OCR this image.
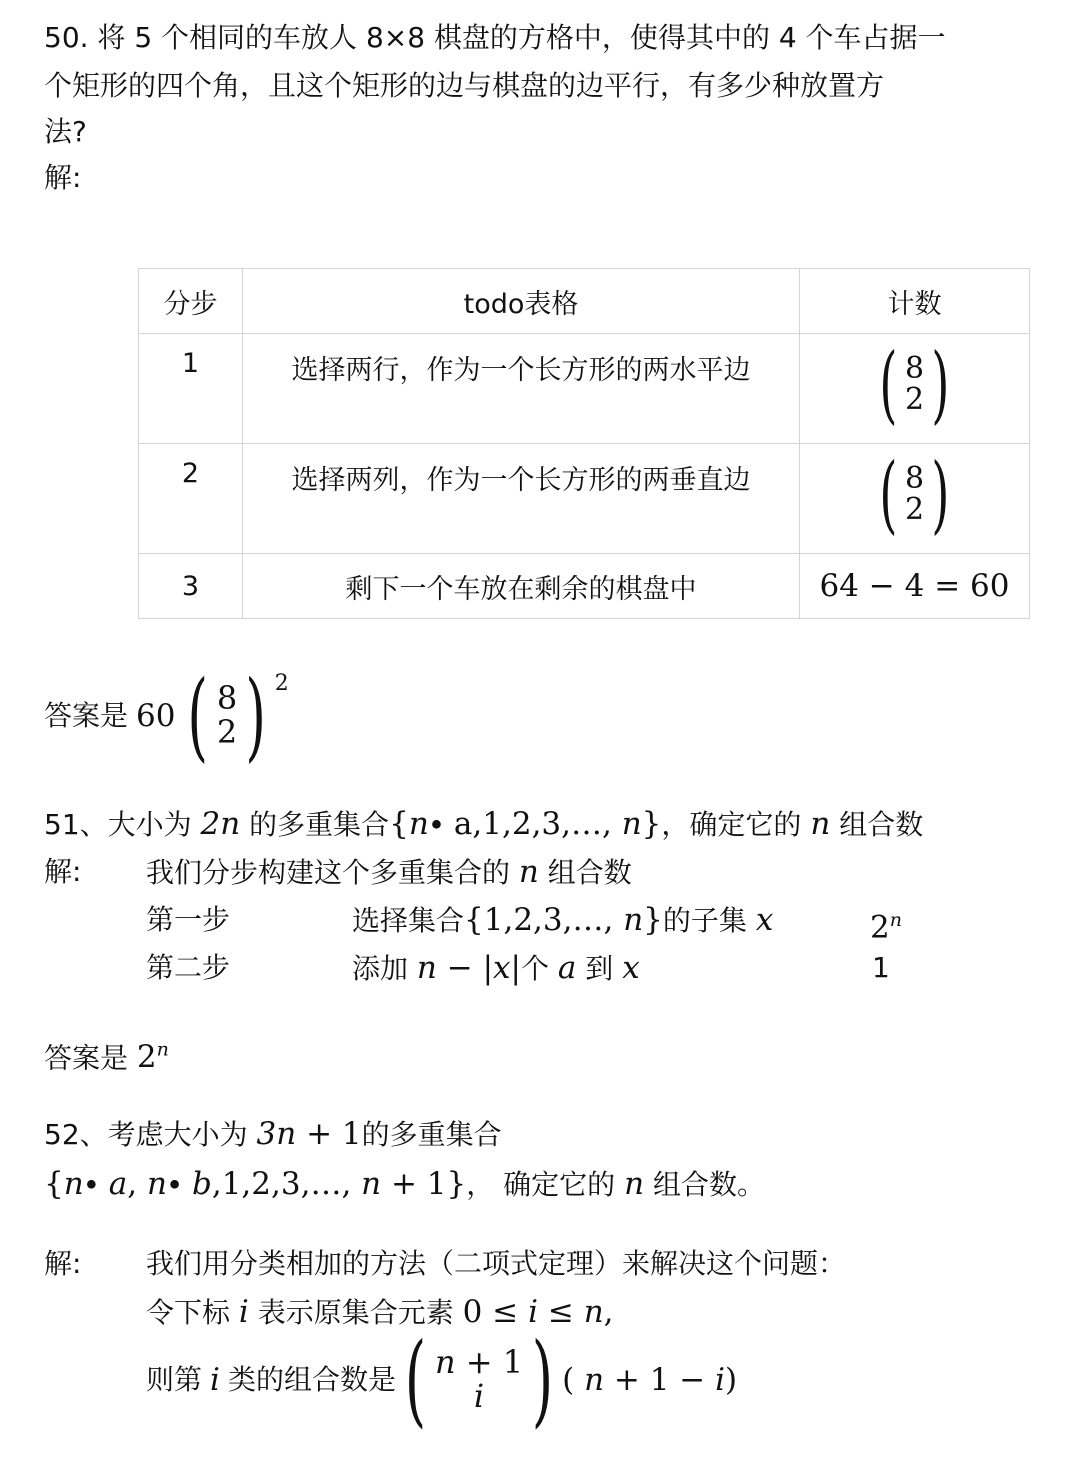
50. 将 5 个相同的车放人 8×8 棋盘的方格中，使得其中的 4 个车占据一
个矩形的四个角，且这个矩形的边与棋盘的边平行，有多少种放置方
法?
解:
分步	todo表格	计数

1	选择两行，作为一个长方形的两水平边	( 8
2 )

2	选择两列，作为一个长方形的两垂直边	( 8
2 )

3	剩下一个车放在剩余的棋盘中	64 − 4 = 60
答案是 60 ( 8
2 ) 2
51、大小为 2n 的多重集合{n∙ a,1,2,3,…, n}，确定它的 n 组合数
解: 我们分步构建这个多重集合的 n 组合数
第一步	选择集合{1,2,3,…, n}的子集 x	2$^n$
第二步	添加 n − |x|个 a 到 x	1
答案是 2$^n$
52、考虑大小为 3n + 1的多重集合
{n∙ a, n∙ b,1,2,3,…, n + 1}， 确定它的 n 组合数。
解: 我们用分类相加的方法（二项式定理）来解决这个问题：
令下标 i 表示原集合元素 0 ≤ i ≤ n,
则第 i 类的组合数是 ( n + 1
i ) ( n + 1 − i)
